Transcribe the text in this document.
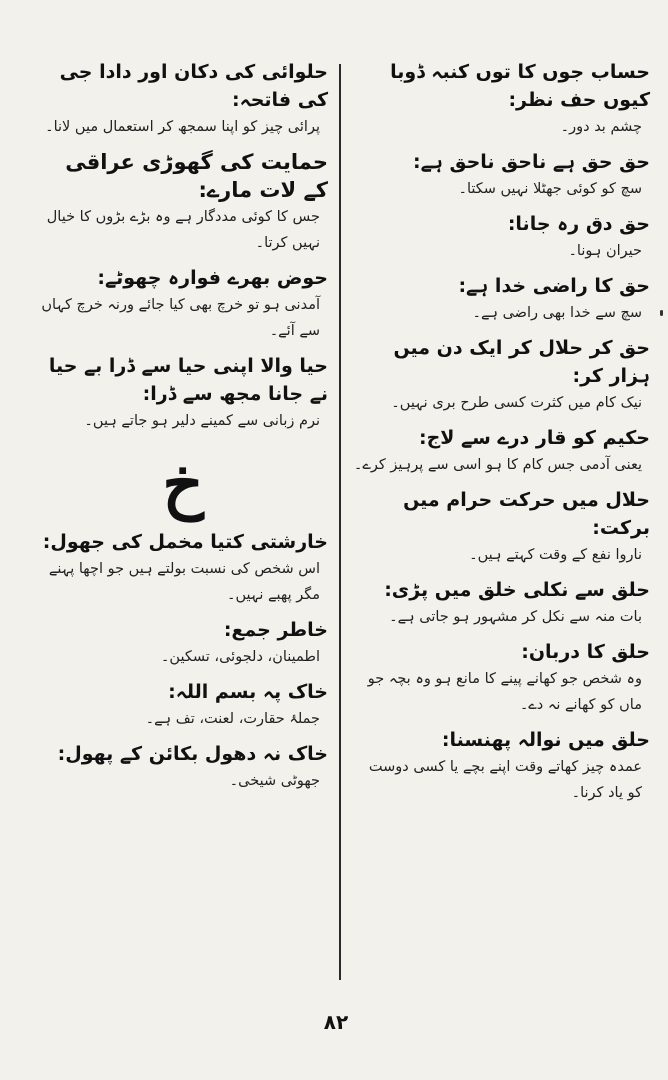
حساب جوں کا توں کنبہ ڈوبا کیوں حف نظر:
چشم بد دور۔
حق حق ہے ناحق ناحق ہے:
سچ کو کوئی جھٹلا نہیں سکتا۔
حق دق رہ جانا:
حیران ہونا۔
حق کا راضی خدا ہے:
سچ سے خدا بھی راضی ہے۔
حق کر حلال کر ایک دن میں ہزار کر:
نیک کام میں کثرت کسی طرح بری نہیں۔
حکیم کو قار درے سے لاج:
یعنی آدمی جس کام کا ہو اسی سے پرہیز کرے۔
حلال میں حرکت حرام میں برکت:
ناروا نفع کے وقت کہتے ہیں۔
حلق سے نکلی خلق میں پڑی:
بات منہ سے نکل کر مشہور ہو جاتی ہے۔
حلق کا دربان:
وہ شخص جو کھانے پینے کا مانع ہو وہ بچہ جو ماں کو کھانے نہ دے۔
حلق میں نوالہ پھنسنا:
عمدہ چیز کھاتے وقت اپنے بچے یا کسی دوست کو یاد کرنا۔
حلوائی کی دکان اور دادا جی کی فاتحہ:
پرائی چیز کو اپنا سمجھ کر استعمال میں لانا۔
حمایت کی گھوڑی عراقی کے لات مارے:
جس کا کوئی مددگار ہے وہ بڑے بڑوں کا خیال نہیں کرتا۔
حوض بھرے فوارہ چھوٹے:
آمدنی ہو تو خرچ بھی کیا جائے ورنہ خرچ کہاں سے آئے۔
حیا والا اپنی حیا سے ڈرا بے حیا نے جانا مجھ سے ڈرا:
نرم زبانی سے کمینے دلیر ہو جاتے ہیں۔
خ
خارشتی کتیا مخمل کی جھول:
اس شخص کی نسبت بولتے ہیں جو اچھا پہنے مگر پھبے نہیں۔
خاطر جمع:
اطمینان، دلجوئی، تسکین۔
خاک پہ بسم اللہ:
جملۂ حقارت، لعنت، تف ہے۔
خاک نہ دھول بکائن کے پھول:
جھوٹی شیخی۔
۸۲
